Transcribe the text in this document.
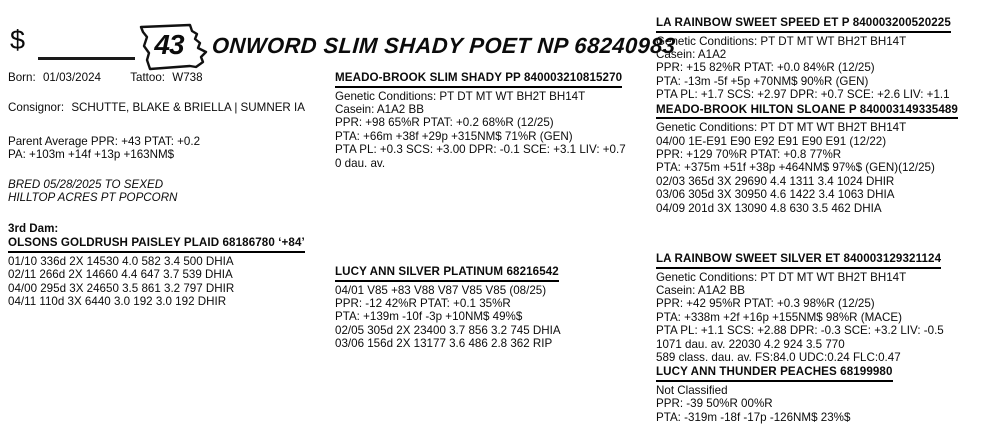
$	43	ONWORD SLIM SHADY POET NP 68240983
Born: 01/03/2024	Tattoo: W738
Consignor: SCHUTTE, BLAKE & BRIELLA | SUMNER IA
Parent Average PPR: +43 PTAT: +0.2
PA: +103m +14f +13p +163NM$
BRED 05/28/2025 TO SEXED
HILLTOP ACRES PT POPCORN
3rd Dam:
OLSONS GOLDRUSH PAISLEY PLAID 68186780 ‘+84’
01/10 336d 2X 14530 4.0 582 3.4 500 DHIA
02/11 266d 2X 14660 4.4 647 3.7 539 DHIA
04/00 295d 3X 24650 3.5 861 3.2 797 DHIR
04/11 110d 3X 6440 3.0 192 3.0 192 DHIR
MEADO-BROOK SLIM SHADY PP 840003210815270
Genetic Conditions: PT DT MT WT BH2T BH14T
Casein: A1A2 BB
PPR: +98 65%R PTAT: +0.2 68%R (12/25)
PTA: +66m +38f +29p +315NM$ 71%R (GEN)
PTA PL: +0.3 SCS: +3.00 DPR: -0.1 SCE: +3.1 LIV: +0.7
0 dau. av.
LUCY ANN SILVER PLATINUM 68216542
04/01 V85 +83 V88 V87 V85 V85 (08/25)
PPR: -12 42%R PTAT: +0.1 35%R
PTA: +139m -10f -3p +10NM$ 49%$
02/05 305d 2X 23400 3.7 856 3.2 745 DHIA
03/06 156d 2X 13177 3.6 486 2.8 362 RIP
LA RAINBOW SWEET SPEED ET P 840003200520225
Genetic Conditions: PT DT MT WT BH2T BH14T
Casein: A1A2
PPR: +15 82%R PTAT: +0.0 84%R (12/25)
PTA: -13m -5f +5p +70NM$ 90%R (GEN)
PTA PL: +1.7 SCS: +2.97 DPR: +0.7 SCE: +2.6 LIV: +1.1
MEADO-BROOK HILTON SLOANE P 840003149335489
Genetic Conditions: PT DT MT WT BH2T BH14T
04/00 1E-E91 E90 E92 E91 E90 E91 (12/22)
PPR: +129 70%R PTAT: +0.8 77%R
PTA: +375m +51f +38p +464NM$ 97%$ (GEN)(12/25)
02/03 365d 3X 29690 4.4 1311 3.4 1024 DHIR
03/06 305d 3X 30950 4.6 1422 3.4 1063 DHIA
04/09 201d 3X 13090 4.8 630 3.5 462 DHIA
LA RAINBOW SWEET SILVER ET 840003129321124
Genetic Conditions: PT DT MT WT BH2T BH14T
Casein: A1A2 BB
PPR: +42 95%R PTAT: +0.3 98%R (12/25)
PTA: +338m +2f +16p +155NM$ 98%R (MACE)
PTA PL: +1.1 SCS: +2.88 DPR: -0.3 SCE: +3.2 LIV: -0.5
1071 dau. av. 22030 4.2 924 3.5 770
589 class. dau. av. FS:84.0 UDC:0.24 FLC:0.47
LUCY ANN THUNDER PEACHES 68199980
Not Classified
PPR: -39 50%R 00%R
PTA: -319m -18f -17p -126NM$ 23%$
